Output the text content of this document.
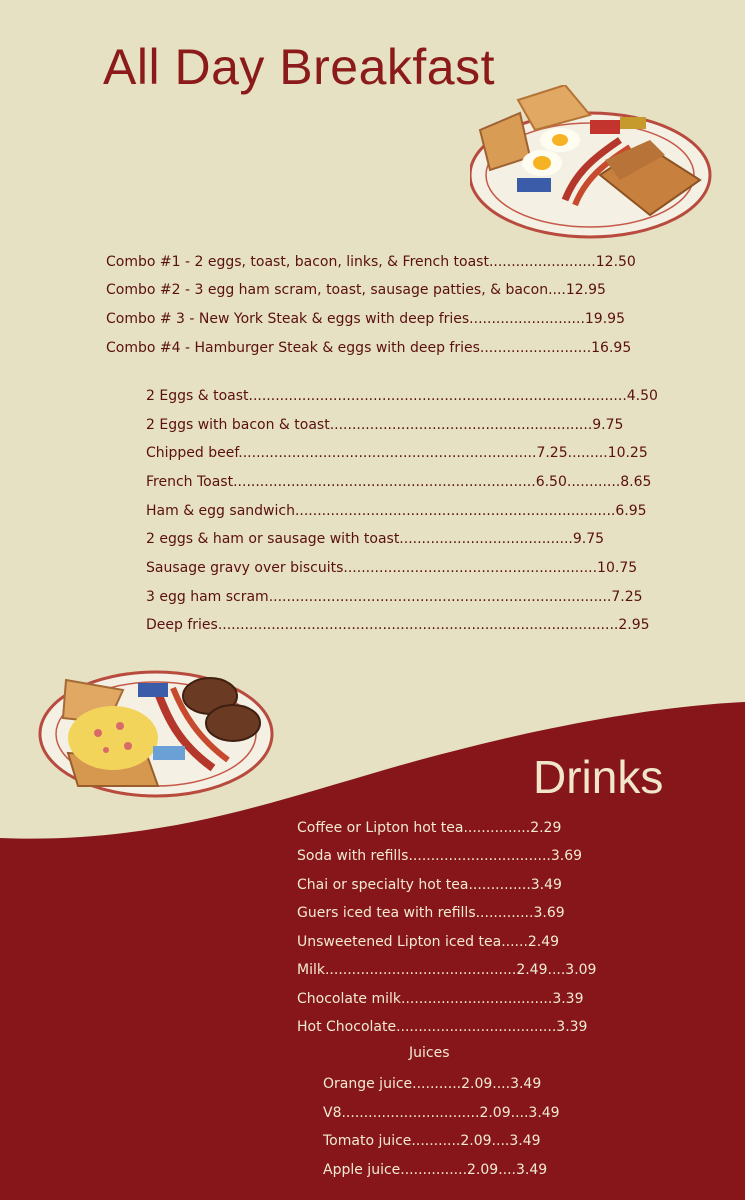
All Day Breakfast
Combo #1 - 2 eggs, toast, bacon, links, & French toast........................12.50
Combo #2 - 3 egg ham scram, toast, sausage patties, & bacon....12.95
Combo # 3 - New York Steak & eggs with deep fries..........................19.95
Combo #4 - Hamburger Steak & eggs with deep fries.........................16.95
2 Eggs & toast.....................................................................................4.50
2 Eggs with bacon & toast...........................................................9.75
Chipped beef...................................................................7.25.........10.25
French Toast....................................................................6.50............8.65
Ham & egg sandwich........................................................................6.95
2 eggs & ham or sausage with toast.......................................9.75
Sausage gravy over biscuits.........................................................10.75
3 egg ham scram.............................................................................7.25
Deep fries..........................................................................................2.95
Drinks
Coffee or Lipton hot tea...............2.29
Soda with refills................................3.69
Chai or specialty hot tea..............3.49
Guers iced tea with refills.............3.69
Unsweetened Lipton iced tea......2.49
Milk...........................................2.49....3.09
Chocolate milk..................................3.39
Hot Chocolate....................................3.39
Juices
Orange juice...........2.09....3.49
V8...............................2.09....3.49
Tomato juice...........2.09....3.49
Apple juice...............2.09....3.49
